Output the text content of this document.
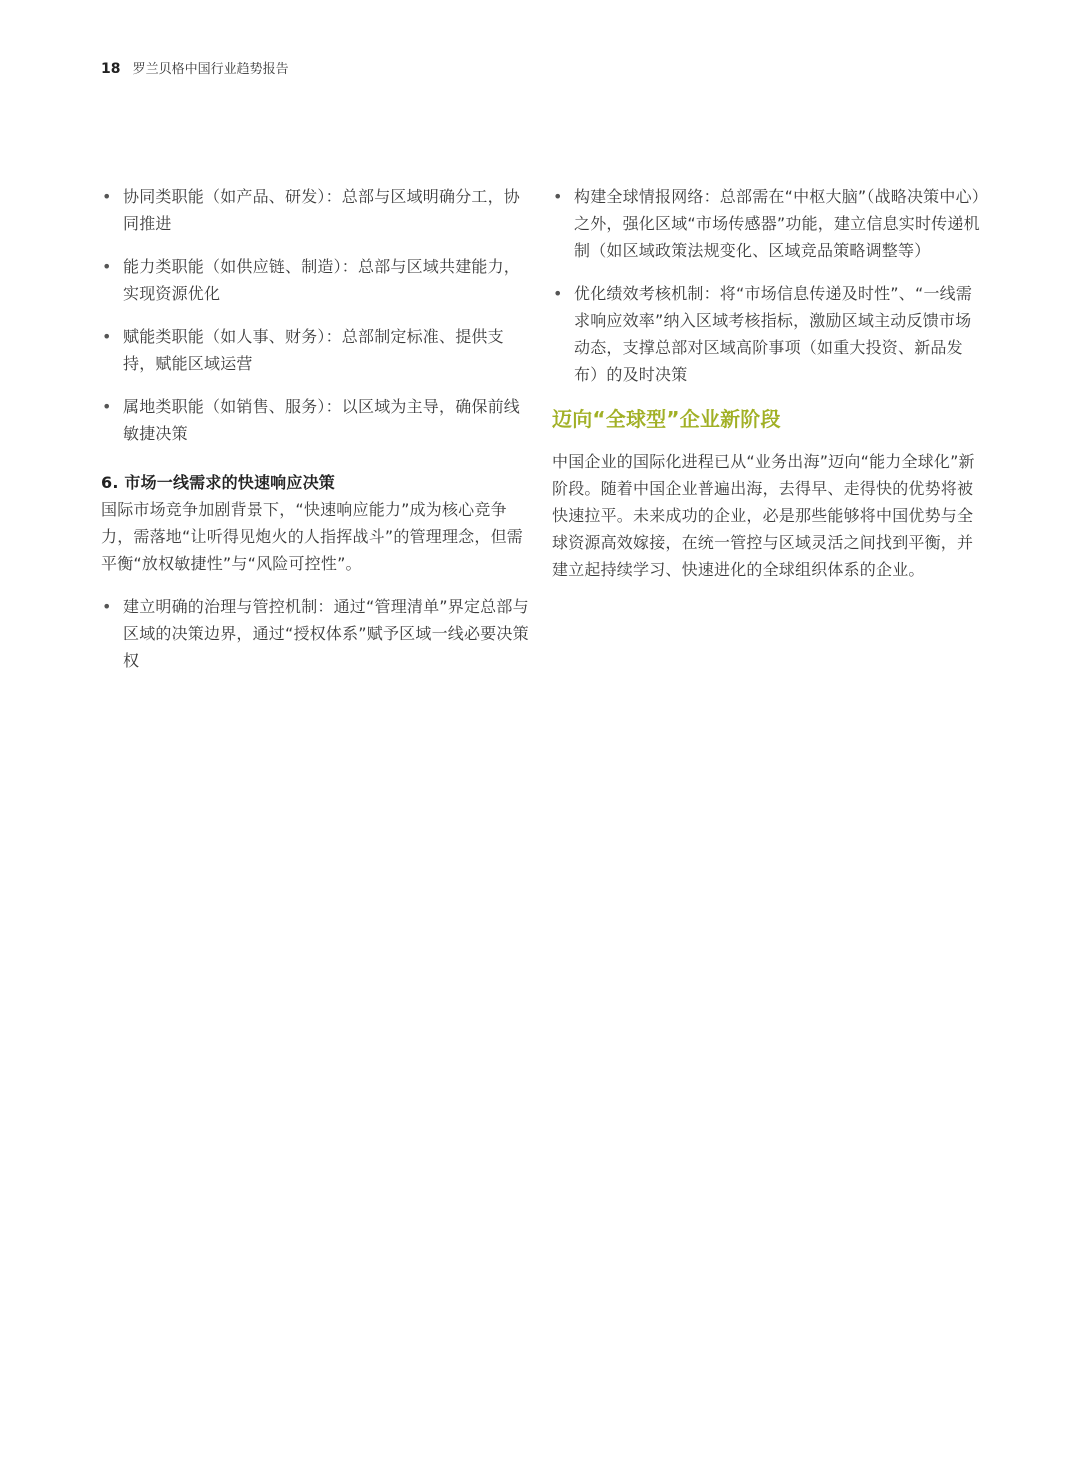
18 罗兰贝格中国行业趋势报告
• 协同类职能（如产品、研发）：总部与区域明确分工，协同推进
• 能力类职能（如供应链、制造）：总部与区域共建能力，实现资源优化
• 赋能类职能（如人事、财务）：总部制定标准、提供支持，赋能区域运营
• 属地类职能（如销售、服务）：以区域为主导，确保前线敏捷决策
6. 市场一线需求的快速响应决策

国际市场竞争加剧背景下，“快速响应能力”成为核心竞争力，需落地“让听得见炮火的人指挥战斗”的管理理念，但需平衡“放权敏捷性”与“风险可控性”。

• 建立明确的治理与管控机制：通过“管理清单”界定总部与区域的决策边界，通过“授权体系”赋予区域一线必要决策权
• 构建全球情报网络：总部需在“中枢大脑”（战略决策中心）之外，强化区域“市场传感器”功能，建立信息实时传递机制（如区域政策法规变化、区域竞品策略调整等）
• 优化绩效考核机制：将“市场信息传递及时性”、“一线需求响应效率”纳入区域考核指标，激励区域主动反馈市场动态，支撑总部对区域高阶事项（如重大投资、新品发布）的及时决策
迈向“全球型”企业新阶段

中国企业的国际化进程已从“业务出海”迈向“能力全球化”新阶段。随着中国企业普遍出海，去得早、走得快的优势将被快速拉平。未来成功的企业，必是那些能够将中国优势与全球资源高效嫁接，在统一管控与区域灵活之间找到平衡，并建立起持续学习、快速进化的全球组织体系的企业。
